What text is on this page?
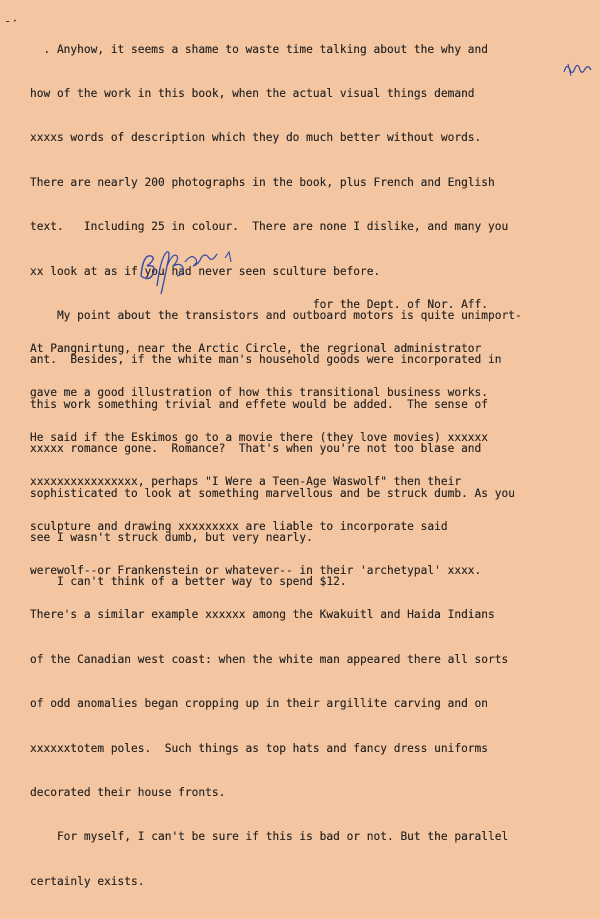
-·

. Anyhow, it seems a shame to waste time talking about the why and

how of the work in this book, when the actual visual things demand

xxxxs words of description which they do much better without words.

There are nearly 200 photographs in the book, plus French and English

text.   Including 25 in colour.  There are none I dislike, and many you

xx look at as if you had never seen sculture before.

My point about the transistors and outboard motors is quite unimport-

ant.  Besides, if the white man's household goods were incorporated in

this work something trivial and effete would be added.  The sense of

xxxxx romance gone.  Romance?  That's when you're not too blase and

sophisticated to look at something marvellous and be struck dumb. As you

see I wasn't struck dumb, but very nearly.

I can't think of a better way to spend $12.

for the Dept. of Nor. Aff.

At Pangnirtung, near the Arctic Circle, the regrional administrator

gave me a good illustration of how this transitional business works.

He said if the Eskimos go to a movie there (they love movies) xxxxxx

xxxxxxxxxxxxxxxx, perhaps "I Were a Teen-Age Waswolf" then their

sculpture and drawing xxxxxxxxx are liable to incorporate said

werewolf--or Frankenstein or whatever-- in their 'archetypal' xxxx.

There's a similar example xxxxxx among the Kwakuitl and Haida Indians

of the Canadian west coast: when the white man appeared there all sorts

of odd anomalies began cropping up in their argillite carving and on

xxxxxxtotem poles.  Such things as top hats and fancy dress uniforms

decorated their house fronts.

For myself, I can't be sure if this is bad or not. But the parallel

certainly exists.
